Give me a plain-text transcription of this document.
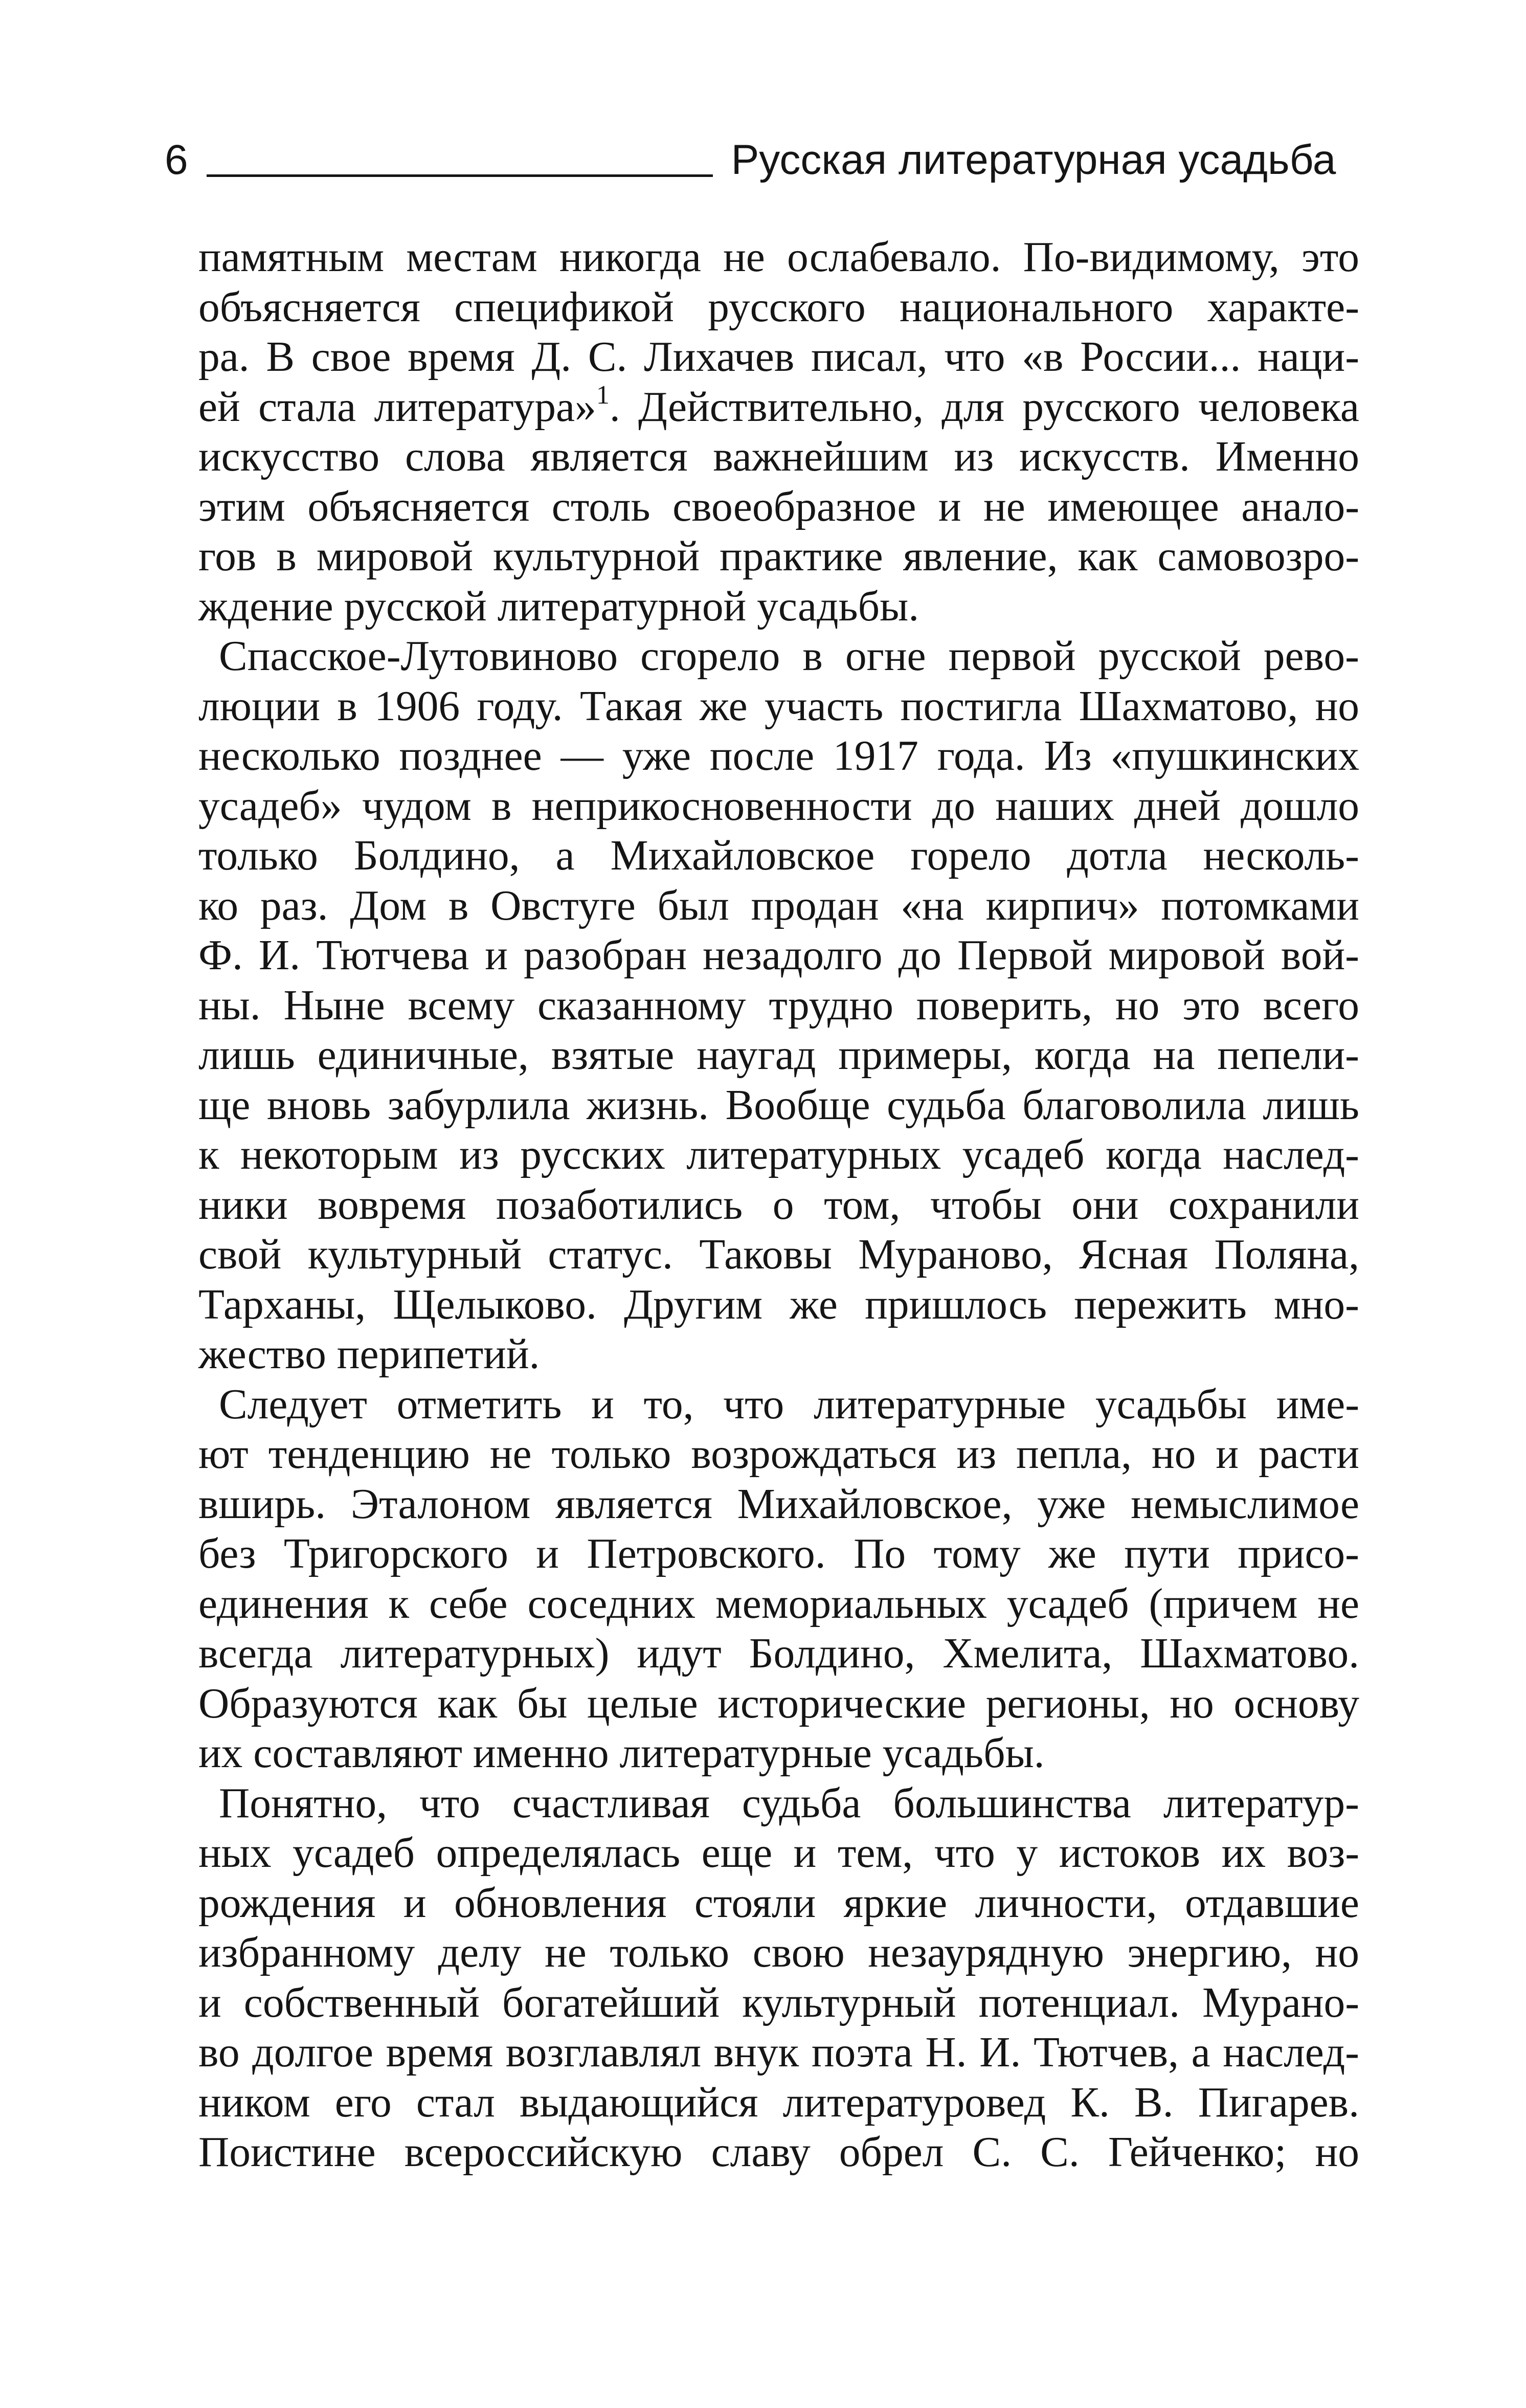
6	Русская литературная усадьба

памятным местам никогда не ослабевало. По-видимому, это
объясняется спецификой русского национального характе-
ра. В свое время Д. С. Лихачев писал, что «в России... наци-
ей стала литература»$^1$. Действительно, для русского человека
искусство слова является важнейшим из искусств. Именно
этим объясняется столь своеобразное и не имеющее анало-
гов в мировой культурной практике явление, как самовозро-
ждение русской литературной усадьбы.

Спасское-Лутовиново сгорело в огне первой русской рево-
люции в 1906 году. Такая же участь постигла Шахматово, но
несколько позднее — уже после 1917 года. Из «пушкинских
усадеб» чудом в неприкосновенности до наших дней дошло
только Болдино, а Михайловское горело дотла несколь-
ко раз. Дом в Овстуге был продан «на кирпич» потомками
Ф. И. Тютчева и разобран незадолго до Первой мировой вой-
ны. Ныне всему сказанному трудно поверить, но это всего
лишь единичные, взятые наугад примеры, когда на пепели-
ще вновь забурлила жизнь. Вообще судьба благоволила лишь
к некоторым из русских литературных усадеб когда наслед-
ники вовремя позаботились о том, чтобы они сохранили
свой культурный статус. Таковы Мураново, Ясная Поляна,
Тарханы, Щелыково. Другим же пришлось пережить мно-
жество перипетий.

Следует отметить и то, что литературные усадьбы име-
ют тенденцию не только возрождаться из пепла, но и расти
вширь. Эталоном является Михайловское, уже немыслимое
без Тригорского и Петровского. По тому же пути присо-
единения к себе соседних мемориальных усадеб (причем не
всегда литературных) идут Болдино, Хмелита, Шахматово.
Образуются как бы целые исторические регионы, но основу
их составляют именно литературные усадьбы.

Понятно, что счастливая судьба большинства литератур-
ных усадеб определялась еще и тем, что у истоков их воз-
рождения и обновления стояли яркие личности, отдавшие
избранному делу не только свою незаурядную энергию, но
и собственный богатейший культурный потенциал. Мурано-
во долгое время возглавлял внук поэта Н. И. Тютчев, а наслед-
ником его стал выдающийся литературовед К. В. Пигарев.
Поистине всероссийскую славу обрел С. С. Гейченко; но
